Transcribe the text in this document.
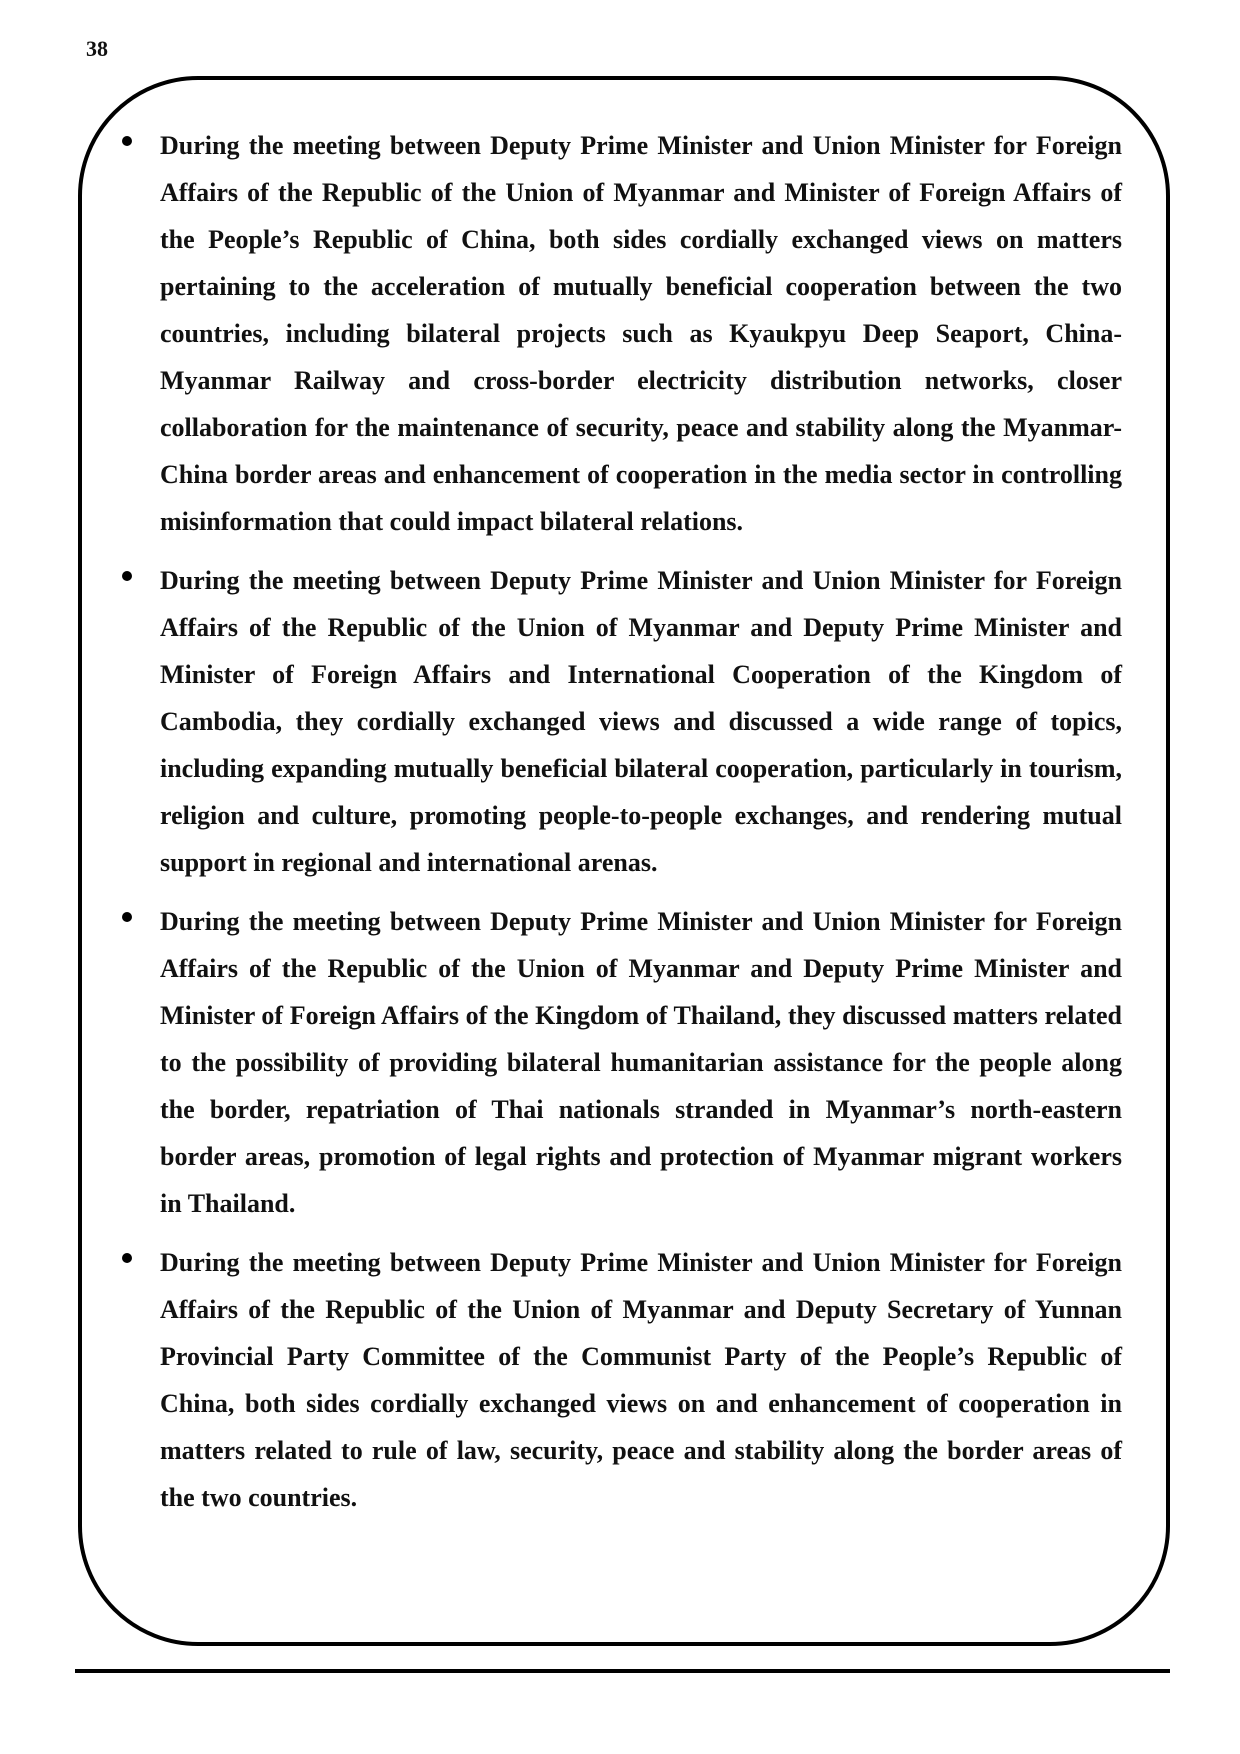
38
During the meeting between Deputy Prime Minister and Union Minister for Foreign Affairs of the Republic of the Union of Myanmar and Minister of Foreign Affairs of the People’s Republic of China, both sides cordially exchanged views on matters pertaining to the acceleration of mutually beneficial cooperation between the two countries, including bilateral projects such as Kyaukpyu Deep Seaport, China-Myanmar Railway and cross-border electricity distribution networks, closer collaboration for the maintenance of security, peace and stability along the Myanmar-China border areas and enhancement of cooperation in the media sector in controlling misinformation that could impact bilateral relations.
During the meeting between Deputy Prime Minister and Union Minister for Foreign Affairs of the Republic of the Union of Myanmar and Deputy Prime Minister and Minister of Foreign Affairs and International Cooperation of the Kingdom of Cambodia, they cordially exchanged views and discussed a wide range of topics, including expanding mutually beneficial bilateral cooperation, particularly in tourism, religion and culture, promoting people-to-people exchanges, and rendering mutual support in regional and international arenas.
During the meeting between Deputy Prime Minister and Union Minister for Foreign Affairs of the Republic of the Union of Myanmar and Deputy Prime Minister and Minister of Foreign Affairs of the Kingdom of Thailand, they discussed matters related to the possibility of providing bilateral humanitarian assistance for the people along the border, repatriation of Thai nationals stranded in Myanmar’s north-eastern border areas, promotion of legal rights and protection of Myanmar migrant workers in Thailand.
During the meeting between Deputy Prime Minister and Union Minister for Foreign Affairs of the Republic of the Union of Myanmar and Deputy Secretary of Yunnan Provincial Party Committee of the Communist Party of the People’s Republic of China, both sides cordially exchanged views on and enhancement of cooperation in matters related to rule of law, security, peace and stability along the border areas of the two countries.
